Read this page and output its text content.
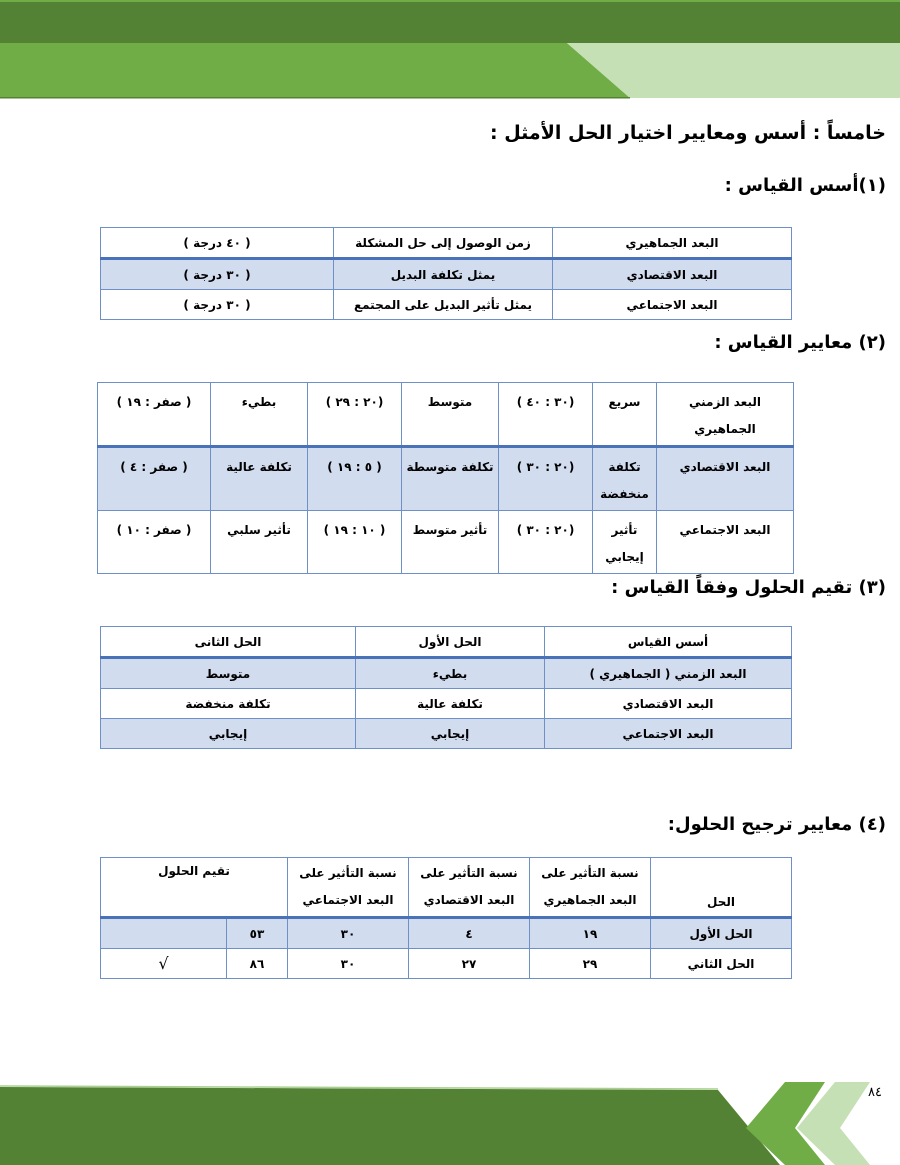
خامساً : أسس ومعايير اختيار الحل الأمثل :
(١)أسس القياس :
البعد الجماهيري	زمن الوصول إلى حل المشكلة	( ٤٠ درجة )
البعد الاقتصادي	يمثل تكلفة البديل	( ٣٠ درجة )
البعد الاجتماعي	يمثل تأثير البديل على المجتمع	( ٣٠ درجة )
(٢) معايير القياس :
البعد الزمني الجماهيري	سريع	(٣٠ : ٤٠ )	متوسط	(٢٠ : ٢٩ )	بطيء	( صفر : ١٩ )
البعد الاقتصادي	تكلفة منخفضة	(٢٠ : ٣٠ )	تكلفة متوسطة	( ٥ : ١٩ )	تكلفة عالية	( صفر : ٤ )
البعد الاجتماعي	تأثير إيجابي	(٢٠ : ٣٠ )	تأثير متوسط	( ١٠ : ١٩ )	تأثير سلبي	( صفر : ١٠ )
(٣) تقيم الحلول وفقاً القياس :
أسس القياس	الحل الأول	الحل الثانى
البعد الزمني ( الجماهيري )	بطيء	متوسط
البعد الاقتصادي	تكلفة عالية	تكلفة منخفضة
البعد الاجتماعي	إيجابي	إيجابي
(٤) معايير ترجيح الحلول:
الحل	نسبة التأثير على البعد الجماهيري	نسبة التأثير على البعد الاقتصادي	نسبة التأثير على البعد الاجتماعي	تقيم الحلول	
الحل الأول	١٩	٤	٣٠	٥٣	
الحل الثاني	٢٩	٢٧	٣٠	٨٦	√
٨٤
